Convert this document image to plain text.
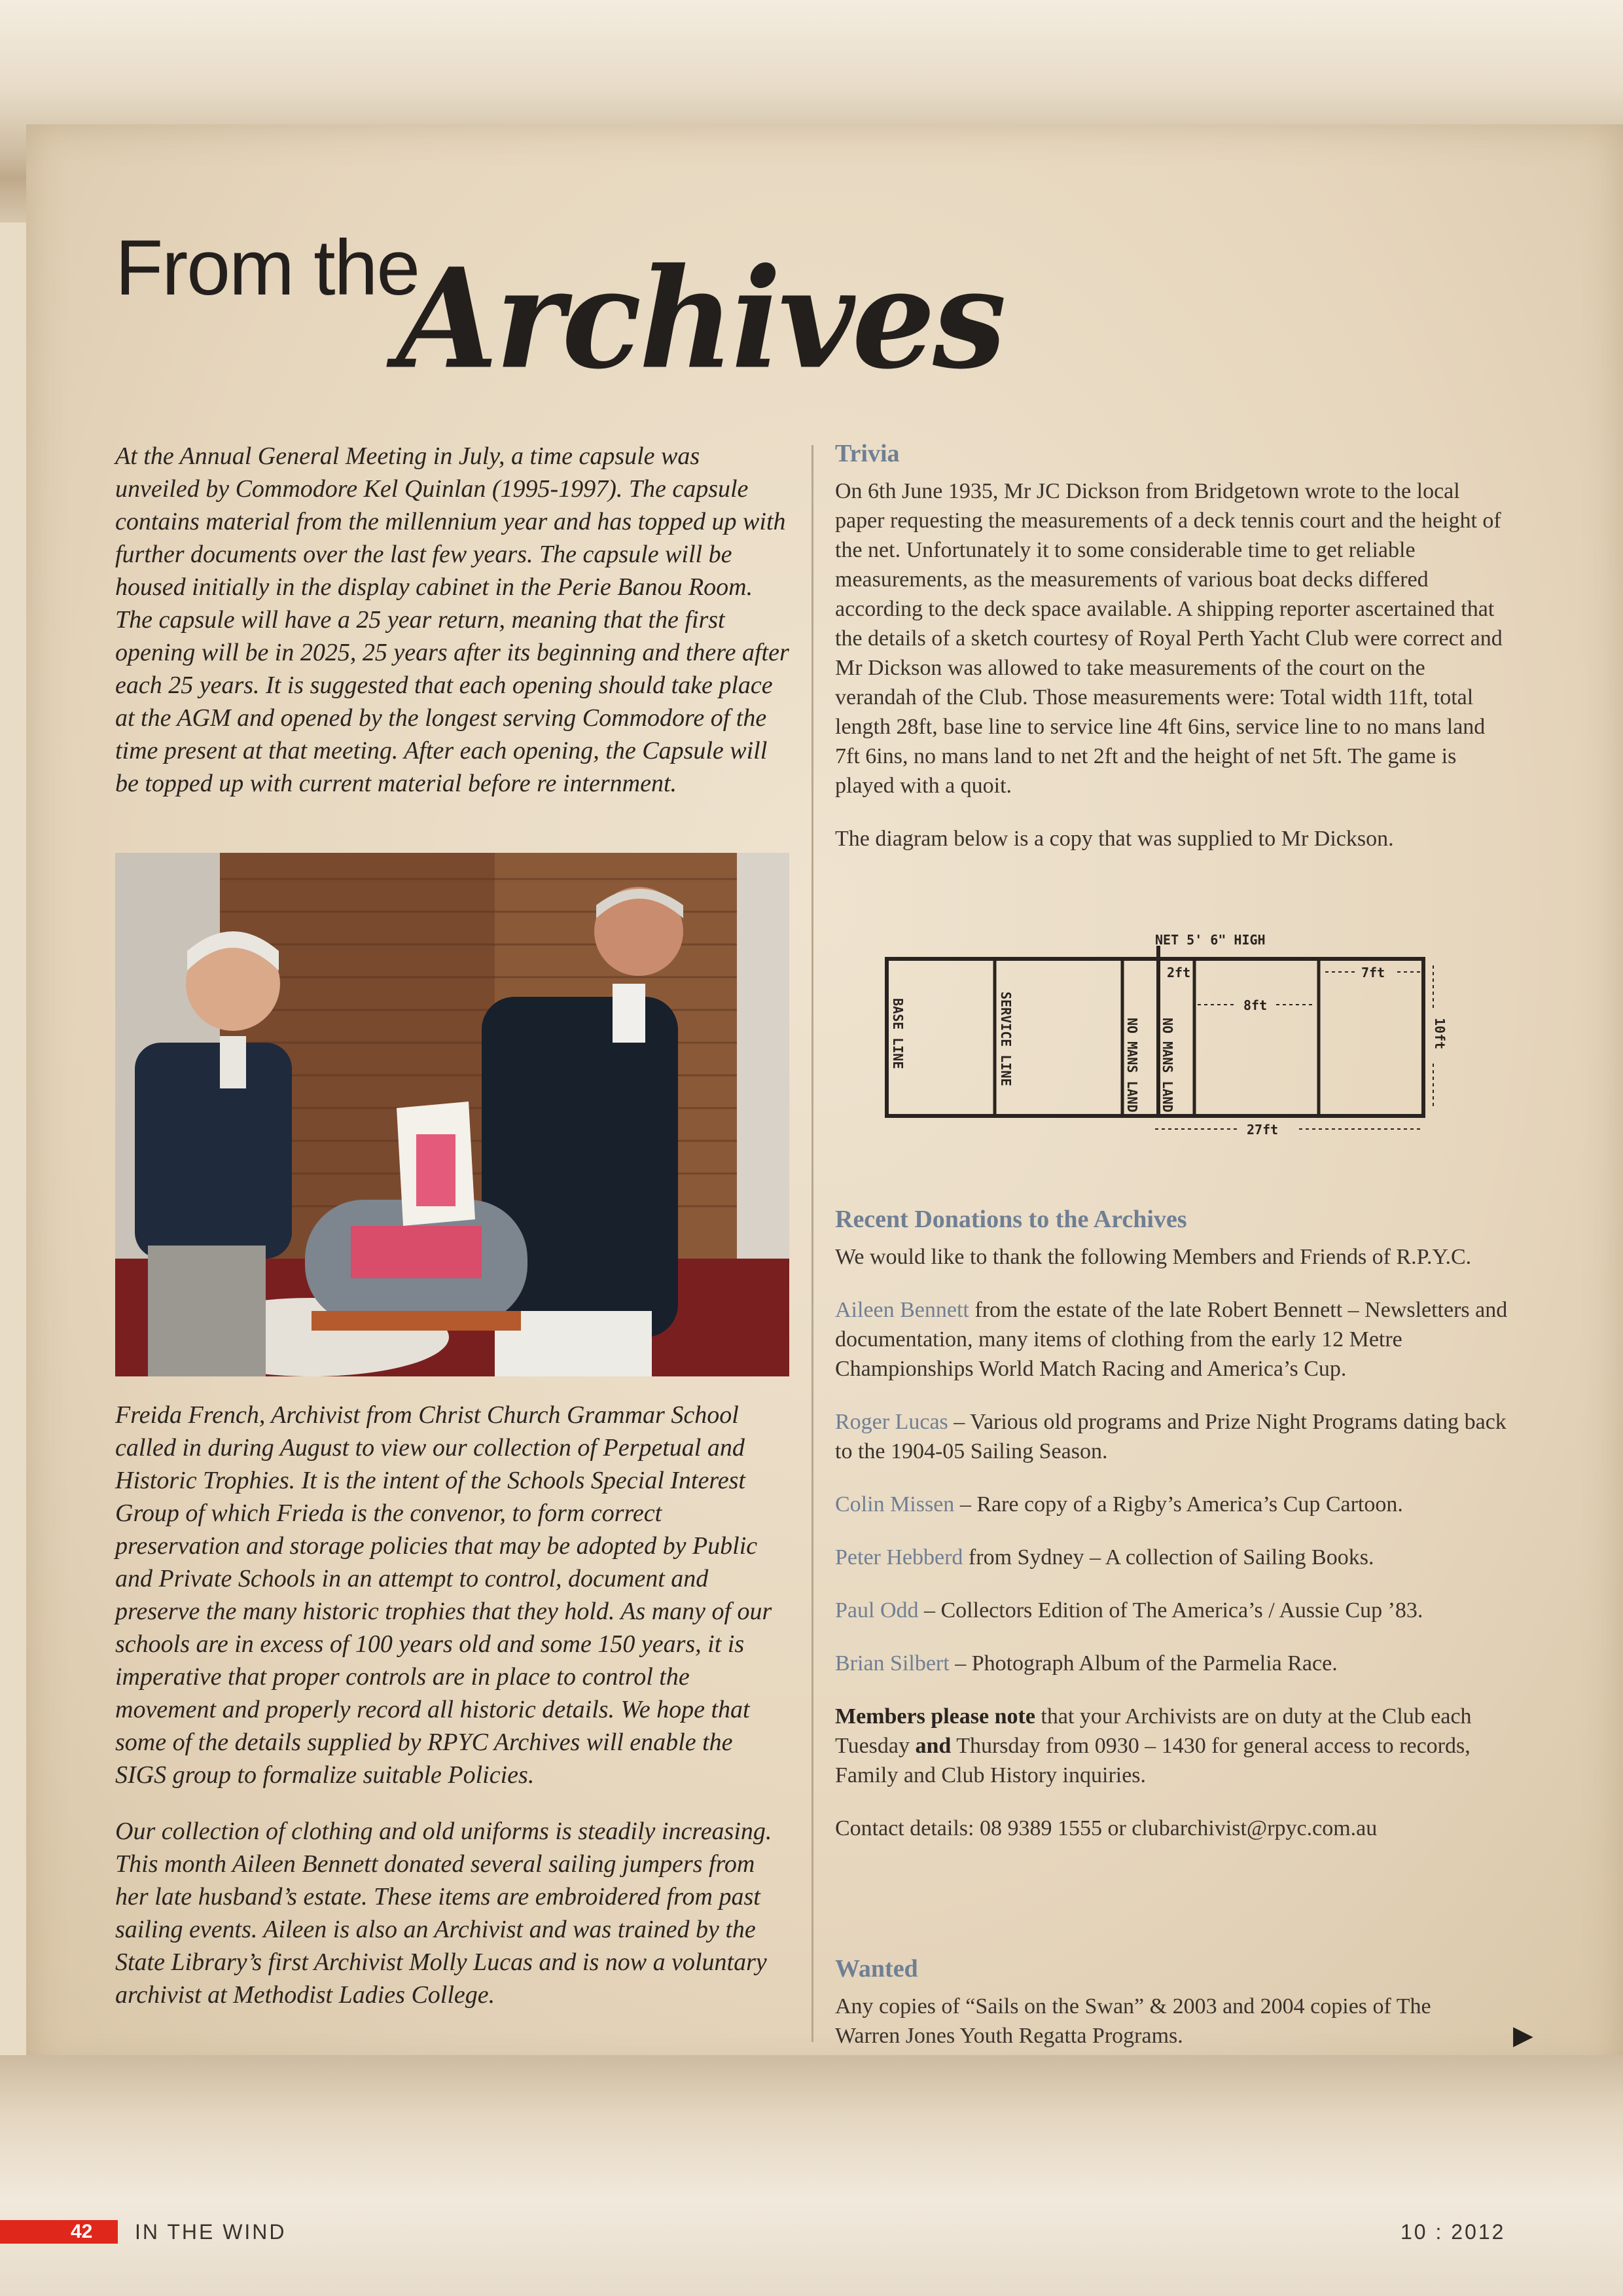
From the
Archives

At the Annual General Meeting in July, a time capsule was unveiled by Commodore Kel Quinlan (1995-1997). The capsule contains material from the millennium year and has topped up with further documents over the last few years. The capsule will be housed initially in the display cabinet in the Perie Banou Room. The capsule will have a 25 year return, meaning that the first opening will be in 2025, 25 years after its beginning and there after each 25 years. It is suggested that each opening should take place at the AGM and opened by the longest serving Commodore of the time present at that meeting. After each opening, the Capsule will be topped up with current material before re internment.

Freida French, Archivist from Christ Church Grammar School called in during August to view our collection of Perpetual and Historic Trophies. It is the intent of the Schools Special Interest Group of which Frieda is the convenor, to form correct preservation and storage policies that may be adopted by Public and Private Schools in an attempt to control, document and preserve the many historic trophies that they hold. As many of our schools are in excess of 100 years old and some 150 years, it is imperative that proper controls are in place to control the movement and properly record all historic details. We hope that some of the details supplied by RPYC Archives will enable the SIGS group to formalize suitable Policies.

Our collection of clothing and old uniforms is steadily increasing. This month Aileen Bennett donated several sailing jumpers from her late husband’s estate. These items are embroidered from past sailing events. Aileen is also an Archivist and was trained by the State Library’s first Archivist Molly Lucas and is now a voluntary archivist at Methodist Ladies College.

Trivia

On 6th June 1935, Mr JC Dickson from Bridgetown wrote to the local paper requesting the measurements of a deck tennis court and the height of the net. Unfortunately it to some considerable time to get reliable measurements, as the measurements of various boat decks differed according to the deck space available. A shipping reporter ascertained that the details of a sketch courtesy of Royal Perth Yacht Club were correct and Mr Dickson was allowed to take measurements of the court on the verandah of the Club. Those measurements were: Total width 11ft, total length 28ft, base line to service line 4ft 6ins, service line to no mans land 7ft 6ins, no mans land to net 2ft and the height of net 5ft. The game is played with a quoit.

The diagram below is a copy that was supplied to Mr Dickson.

NET 5' 6" HIGH
BASE LINE	SERVICE LINE	NO MANS LAND NO MANS LAND
2ft
8ft
7ft
10ft
27ft
Recent Donations to the Archives

We would like to thank the following Members and Friends of R.P.Y.C.

Aileen Bennett from the estate of the late Robert Bennett – Newsletters and documentation, many items of clothing from the early 12 Metre Championships World Match Racing and America’s Cup.

Roger Lucas – Various old programs and Prize Night Programs dating back to the 1904-05 Sailing Season.

Colin Missen – Rare copy of a Rigby’s America’s Cup Cartoon.

Peter Hebberd from Sydney – A collection of Sailing Books.

Paul Odd – Collectors Edition of The America’s / Aussie Cup ’83.

Brian Silbert – Photograph Album of the Parmelia Race.

Members please note that your Archivists are on duty at the Club each Tuesday and Thursday from 0930 – 1430 for general access to records, Family and Club History inquiries.

Contact details: 08 9389 1555 or clubarchivist@rpyc.com.au

Wanted

Any copies of “Sails on the Swan” & 2003 and 2004 copies of The Warren Jones Youth Regatta Programs.	▶
42 IN THE WIND	10 : 2012
